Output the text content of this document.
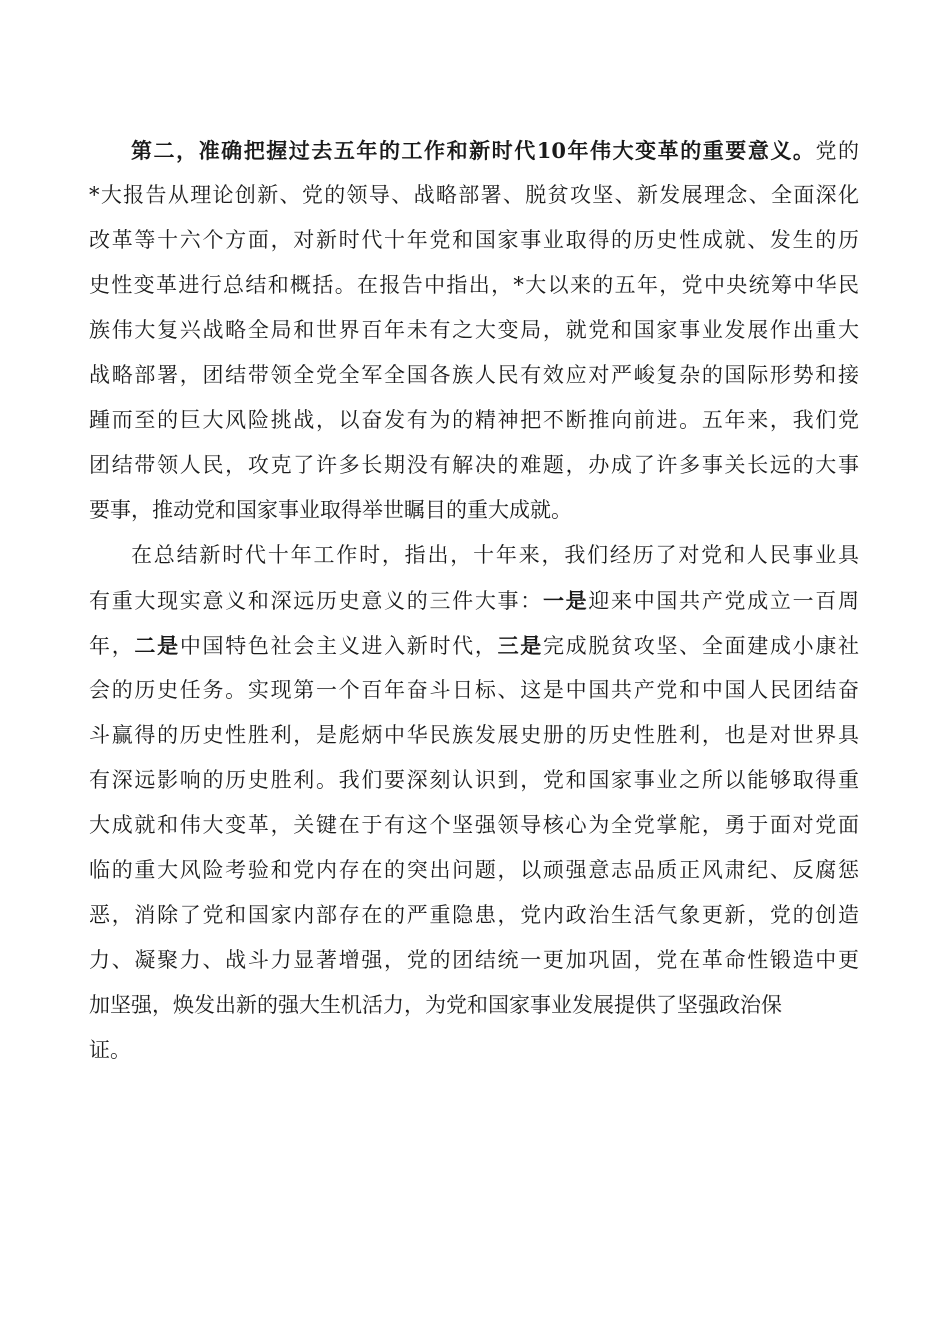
第二，准确把握过去五年的工作和新时代10年伟大变革的重要意义。党的
*大报告从理论创新、党的领导、战略部署、脱贫攻坚、新发展理念、全面深化
改革等十六个方面，对新时代十年党和国家事业取得的历史性成就、发生的历
史性变革进行总结和概括。在报告中指出，*大以来的五年，党中央统筹中华民
族伟大复兴战略全局和世界百年未有之大变局，就党和国家事业发展作出重大
战略部署，团结带领全党全军全国各族人民有效应对严峻复杂的国际形势和接
踵而至的巨大风险挑战，以奋发有为的精神把不断推向前进。五年来，我们党
团结带领人民，攻克了许多长期没有解决的难题，办成了许多事关长远的大事
要事，推动党和国家事业取得举世瞩目的重大成就。
在总结新时代十年工作时，指出，十年来，我们经历了对党和人民事业具
有重大现实意义和深远历史意义的三件大事：一是迎来中国共产党成立一百周
年，二是中国特色社会主义进入新时代，三是完成脱贫攻坚、全面建成小康社
会的历史任务。实现第一个百年奋斗日标、这是中国共产党和中国人民团结奋
斗赢得的历史性胜利，是彪炳中华民族发展史册的历史性胜利，也是对世界具
有深远影响的历史胜利。我们要深刻认识到，党和国家事业之所以能够取得重
大成就和伟大变革，关键在于有这个坚强领导核心为全党掌舵，勇于面对党面
临的重大风险考验和党内存在的突出问题，以顽强意志品质正风肃纪、反腐惩
恶，消除了党和国家内部存在的严重隐患，党内政治生活气象更新，党的创造
力、凝聚力、战斗力显著增强，党的团结统一更加巩固，党在革命性锻造中更
加坚强，焕发出新的强大生机活力，为党和国家事业发展提供了坚强政治保
证。
